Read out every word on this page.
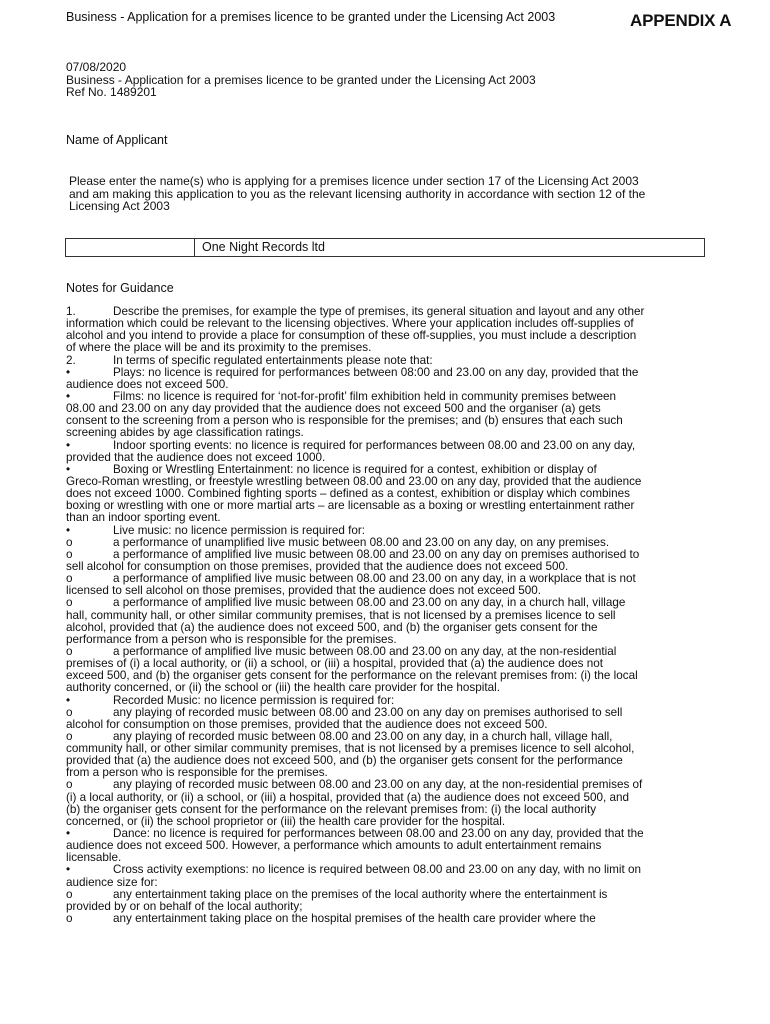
Business - Application for a premises licence to be granted under the Licensing Act 2003	APPENDIX A
07/08/2020
Business - Application for a premises licence to be granted under the Licensing Act 2003
Ref No. 1489201
Name of Applicant
Please enter the name(s) who is applying for a premises licence under section 17 of the Licensing Act 2003
and am making this application to you as the relevant licensing authority in accordance with section 12 of the
Licensing Act 2003
One Night Records ltd
Notes for Guidance
1.	Describe the premises, for example the type of premises, its general situation and layout and any other
information which could be relevant to the licensing objectives. Where your application includes off-supplies of
alcohol and you intend to provide a place for consumption of these off-supplies, you must include a description
of where the place will be and its proximity to the premises.
2.	In terms of specific regulated entertainments please note that:
•	Plays: no licence is required for performances between 08:00 and 23.00 on any day, provided that the
audience does not exceed 500.
•	Films: no licence is required for ‘not-for-profit’ film exhibition held in community premises between
08.00 and 23.00 on any day provided that the audience does not exceed 500 and the organiser (a) gets
consent to the screening from a person who is responsible for the premises; and (b) ensures that each such
screening abides by age classification ratings.
•	Indoor sporting events: no licence is required for performances between 08.00 and 23.00 on any day,
provided that the audience does not exceed 1000.
•	Boxing or Wrestling Entertainment: no licence is required for a contest, exhibition or display of
Greco-Roman wrestling, or freestyle wrestling between 08.00 and 23.00 on any day, provided that the audience
does not exceed 1000. Combined fighting sports – defined as a contest, exhibition or display which combines
boxing or wrestling with one or more martial arts – are licensable as a boxing or wrestling entertainment rather
than an indoor sporting event.
•	Live music: no licence permission is required for:
o	a performance of unamplified live music between 08.00 and 23.00 on any day, on any premises.
o	a performance of amplified live music between 08.00 and 23.00 on any day on premises authorised to
sell alcohol for consumption on those premises, provided that the audience does not exceed 500.
o	a performance of amplified live music between 08.00 and 23.00 on any day, in a workplace that is not
licensed to sell alcohol on those premises, provided that the audience does not exceed 500.
o	a performance of amplified live music between 08.00 and 23.00 on any day, in a church hall, village
hall, community hall, or other similar community premises, that is not licensed by a premises licence to sell
alcohol, provided that (a) the audience does not exceed 500, and (b) the organiser gets consent for the
performance from a person who is responsible for the premises.
o	a performance of amplified live music between 08.00 and 23.00 on any day, at the non-residential
premises of (i) a local authority, or (ii) a school, or (iii) a hospital, provided that (a) the audience does not
exceed 500, and (b) the organiser gets consent for the performance on the relevant premises from: (i) the local
authority concerned, or (ii) the school or (iii) the health care provider for the hospital.
•	Recorded Music: no licence permission is required for:
o	any playing of recorded music between 08.00 and 23.00 on any day on premises authorised to sell
alcohol for consumption on those premises, provided that the audience does not exceed 500.
o	any playing of recorded music between 08.00 and 23.00 on any day, in a church hall, village hall,
community hall, or other similar community premises, that is not licensed by a premises licence to sell alcohol,
provided that (a) the audience does not exceed 500, and (b) the organiser gets consent for the performance
from a person who is responsible for the premises.
o	any playing of recorded music between 08.00 and 23.00 on any day, at the non-residential premises of
(i) a local authority, or (ii) a school, or (iii) a hospital, provided that (a) the audience does not exceed 500, and
(b) the organiser gets consent for the performance on the relevant premises from: (i) the local authority
concerned, or (ii) the school proprietor or (iii) the health care provider for the hospital.
•	Dance: no licence is required for performances between 08.00 and 23.00 on any day, provided that the
audience does not exceed 500. However, a performance which amounts to adult entertainment remains
licensable.
•	Cross activity exemptions: no licence is required between 08.00 and 23.00 on any day, with no limit on
audience size for:
o	any entertainment taking place on the premises of the local authority where the entertainment is
provided by or on behalf of the local authority;
o	any entertainment taking place on the hospital premises of the health care provider where the
